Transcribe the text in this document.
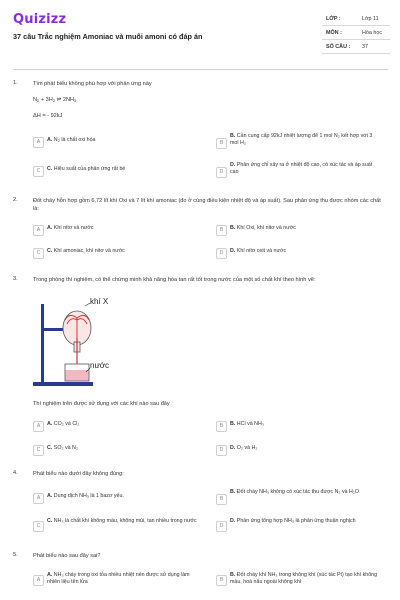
Quizizz
37 câu Trắc nghiệm Amoniac và muối amoni có đáp án
LỚP :	Lớp 11
MÔN :	Hóa học
SỐ CÂU : 37
1.	Tìm phát biểu không phù hợp với phản ứng này
$N_2 + 3H_2$ ⇌ $2NH_3$
ΔH = - 92kJ
A	A. $N_2$ là chất oxi hóa	B
B. Cần cung cấp 92kJ nhiệt lượng để 1 mol N₂ kết hợp với 3 mol H₂
C	C. Hiệu suất của phản ứng rất bé	D
D. Phản ứng chỉ xảy ra ở nhiệt độ cao, có xúc tác và áp suất cao
2.	Đốt cháy hỗn hợp gồm 6,72 lít khí Oxi và 7 lít khí amoniac (đo ở cùng điều kiện nhiệt độ và áp suất). Sau phản ứng thu được nhóm các chất là:
A	A. Khí nitơ và nước	B	B. Khí Oxi, khí nitơ và nước
C	C. Khí amoniac, khí nitơ và nước	D	D. Khí nitơ oxit và nước
3.	Trong phòng thí nghiệm, có thể chứng minh khả năng hòa tan rất tốt trong nước của một số chất khí theo hình vẽ:
khí X
nước
Thí nghiệm trên được sử dụng với các khí nào sau đây
A	A. CO₂ và Cl₂	B	B. HCl và NH₃
C	C. SO₂ và N₂	D	D. O₂ và H₂
4.	Phát biểu nào dưới đây không đúng:
A	A. Dung dịch NH₃ là 1 bazơ yếu.	B
B. Đốt cháy NH₃ không có xúc tác thu được N₂ và H₂O
C
C. NH₃ là chất khí không màu, không mùi, tan nhiều trong nước
D
D. Phản ứng tổng hợp NH₃ là phản ứng thuận nghịch
5.	Phát biểu nào sau đây sai?
A
A. NH₃ cháy trong oxi tỏa nhiều nhiệt nên được sử dụng làm nhiên liệu tên lửa	B
B. Đốt cháy khí NH₃ trong không khí (xúc tác Pt) tạo khí không màu, hoá nâu ngoài không khí
